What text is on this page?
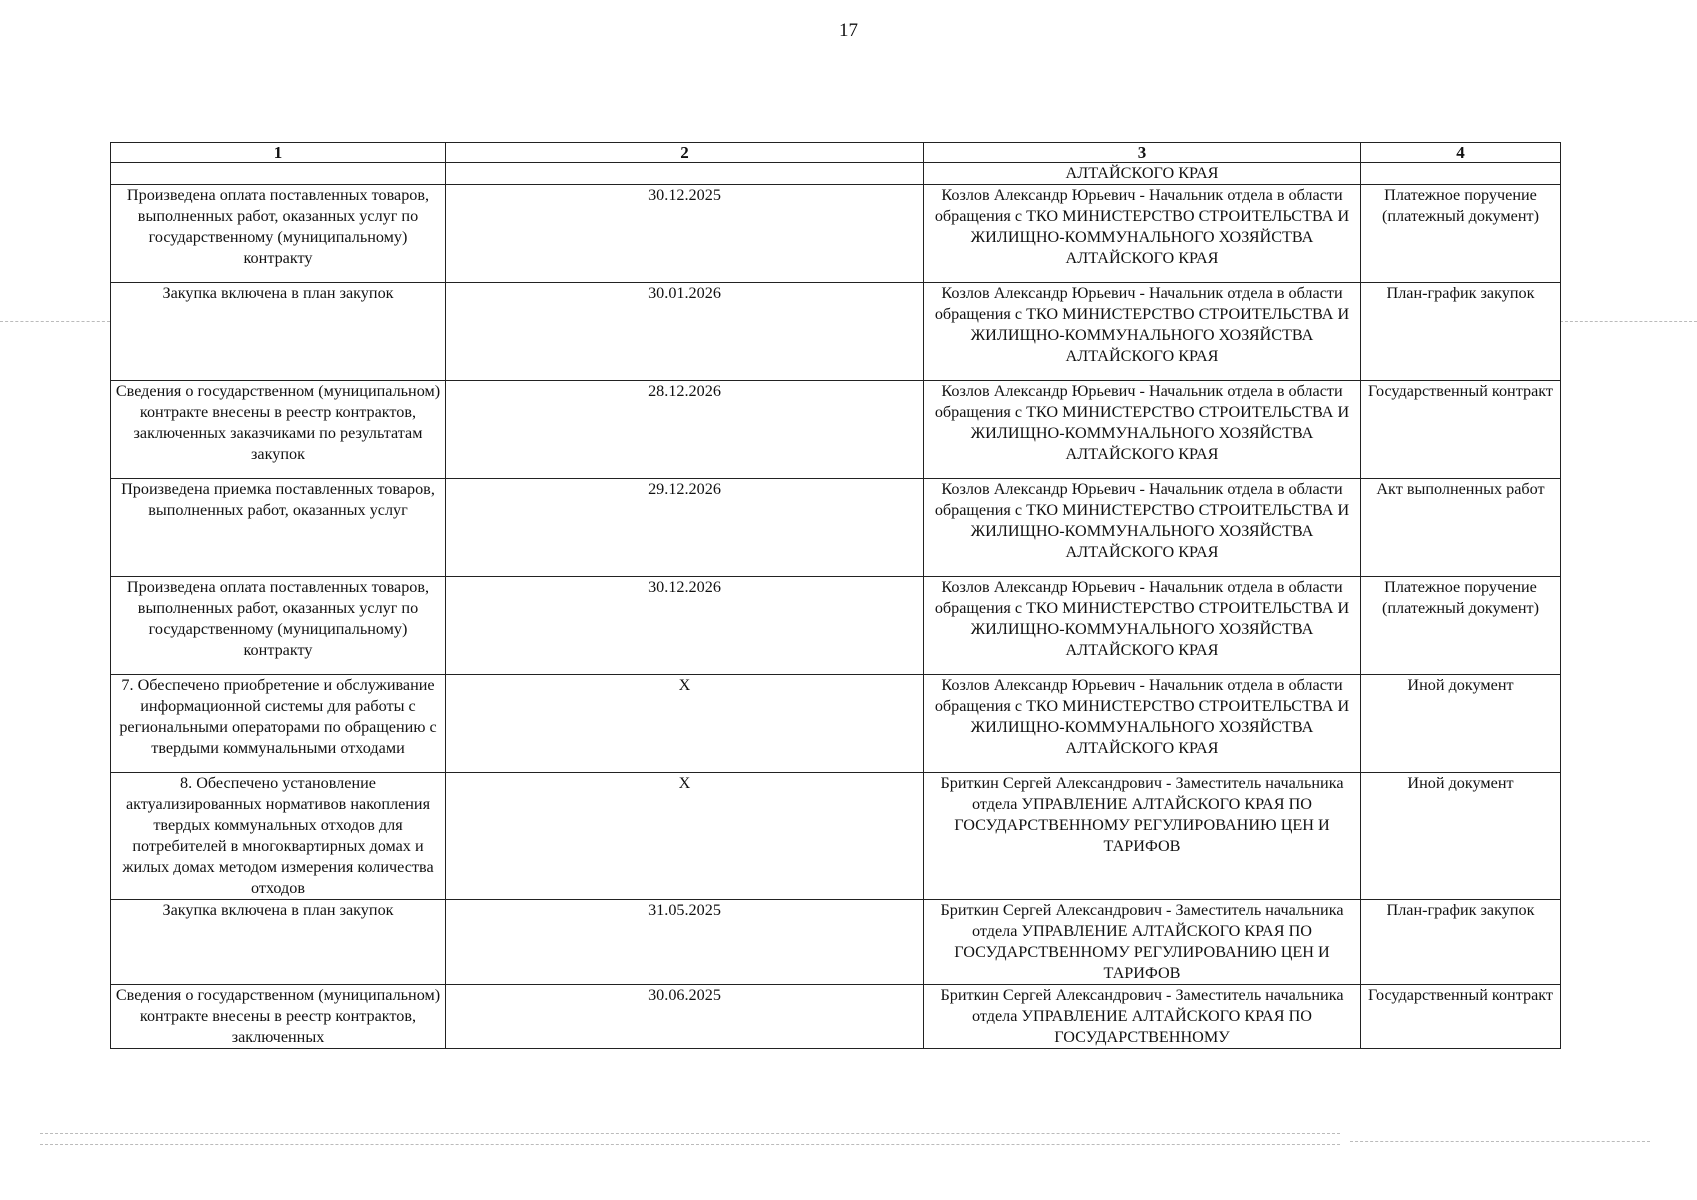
17
1	2	3	4
		АЛТАЙСКОГО КРАЯ	
Произведена оплата поставленных товаров, выполненных работ, оказанных услуг по государственному (муниципальному) контракту	30.12.2025	Козлов Александр Юрьевич - Начальник отдела в области обращения с ТКО МИНИСТЕРСТВО СТРОИТЕЛЬСТВА И ЖИЛИЩНО-КОММУНАЛЬНОГО ХОЗЯЙСТВА АЛТАЙСКОГО КРАЯ	Платежное поручение (платежный документ)
Закупка включена в план закупок	30.01.2026	Козлов Александр Юрьевич - Начальник отдела в области обращения с ТКО МИНИСТЕРСТВО СТРОИТЕЛЬСТВА И ЖИЛИЩНО-КОММУНАЛЬНОГО ХОЗЯЙСТВА АЛТАЙСКОГО КРАЯ	План-график закупок
Сведения о государственном (муниципальном) контракте внесены в реестр контрактов, заключенных заказчиками по результатам закупок	28.12.2026	Козлов Александр Юрьевич - Начальник отдела в области обращения с ТКО МИНИСТЕРСТВО СТРОИТЕЛЬСТВА И ЖИЛИЩНО-КОММУНАЛЬНОГО ХОЗЯЙСТВА АЛТАЙСКОГО КРАЯ	Государственный контракт
Произведена приемка поставленных товаров, выполненных работ, оказанных услуг	29.12.2026	Козлов Александр Юрьевич - Начальник отдела в области обращения с ТКО МИНИСТЕРСТВО СТРОИТЕЛЬСТВА И ЖИЛИЩНО-КОММУНАЛЬНОГО ХОЗЯЙСТВА АЛТАЙСКОГО КРАЯ	Акт выполненных работ
Произведена оплата поставленных товаров, выполненных работ, оказанных услуг по государственному (муниципальному) контракту	30.12.2026	Козлов Александр Юрьевич - Начальник отдела в области обращения с ТКО МИНИСТЕРСТВО СТРОИТЕЛЬСТВА И ЖИЛИЩНО-КОММУНАЛЬНОГО ХОЗЯЙСТВА АЛТАЙСКОГО КРАЯ	Платежное поручение (платежный документ)
7. Обеспечено приобретение и обслуживание информационной системы для работы с региональными операторами по обращению с твердыми коммунальными отходами	X	Козлов Александр Юрьевич - Начальник отдела в области обращения с ТКО МИНИСТЕРСТВО СТРОИТЕЛЬСТВА И ЖИЛИЩНО-КОММУНАЛЬНОГО ХОЗЯЙСТВА АЛТАЙСКОГО КРАЯ	Иной документ
8. Обеспечено установление актуализированных нормативов накопления твердых коммунальных отходов для потребителей в многоквартирных домах и жилых домах методом измерения количества отходов	X	Бриткин Сергей Александрович - Заместитель начальника отдела УПРАВЛЕНИЕ АЛТАЙСКОГО КРАЯ ПО ГОСУДАРСТВЕННОМУ РЕГУЛИРОВАНИЮ ЦЕН И ТАРИФОВ	Иной документ
Закупка включена в план закупок	31.05.2025	Бриткин Сергей Александрович - Заместитель начальника отдела УПРАВЛЕНИЕ АЛТАЙСКОГО КРАЯ ПО ГОСУДАРСТВЕННОМУ РЕГУЛИРОВАНИЮ ЦЕН И ТАРИФОВ	План-график закупок
Сведения о государственном (муниципальном) контракте внесены в реестр контрактов, заключенных	30.06.2025	Бриткин Сергей Александрович - Заместитель начальника отдела УПРАВЛЕНИЕ АЛТАЙСКОГО КРАЯ ПО ГОСУДАРСТВЕННОМУ	Государственный контракт
